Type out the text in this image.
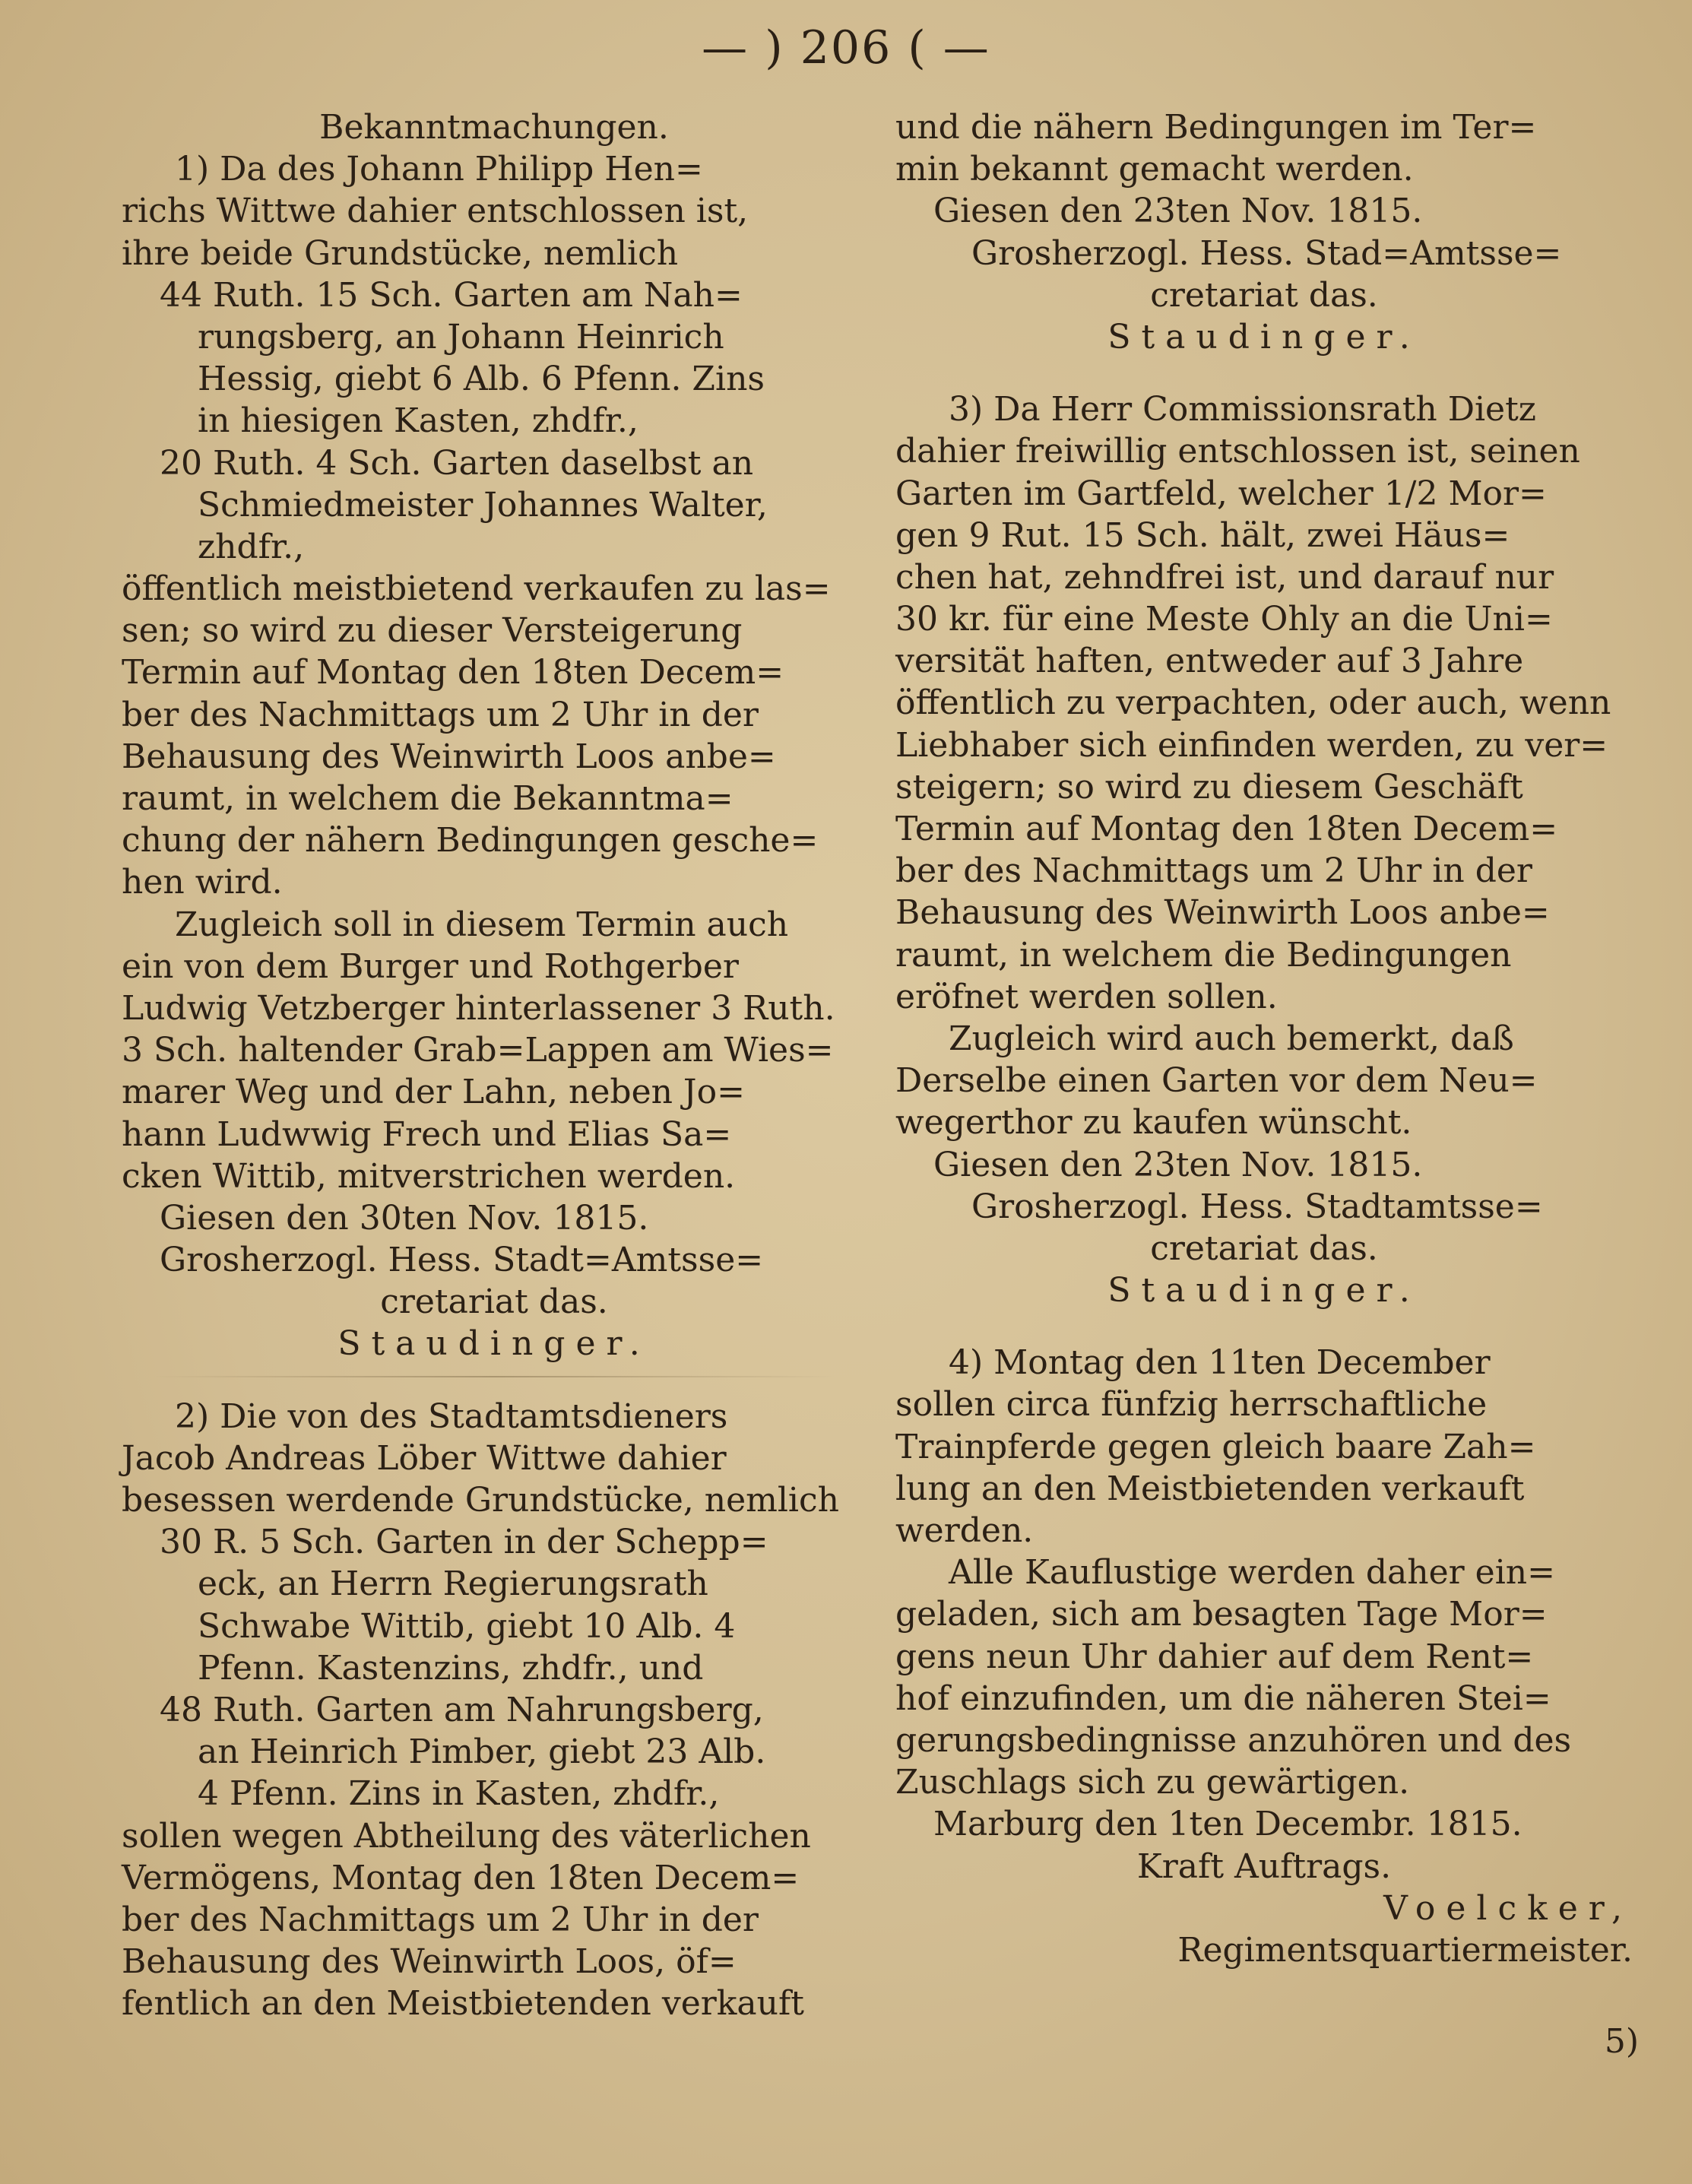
— ) 206 ( —
Bekanntmachungen.
1) Da des Johann Philipp Hen=
richs Wittwe dahier entschlossen ist,
ihre beide Grundstücke, nemlich
44 Ruth. 15 Sch. Garten am Nah=
rungsberg, an Johann Heinrich
Hessig, giebt 6 Alb. 6 Pfenn. Zins
in hiesigen Kasten, zhdfr.,
20 Ruth. 4 Sch. Garten daselbst an
Schmiedmeister Johannes Walter,
zhdfr.,
öffentlich meistbietend verkaufen zu las=
sen; so wird zu dieser Versteigerung
Termin auf Montag den 18ten Decem=
ber des Nachmittags um 2 Uhr in der
Behausung des Weinwirth Loos anbe=
raumt, in welchem die Bekanntma=
chung der nähern Bedingungen gesche=
hen wird.
Zugleich soll in diesem Termin auch
ein von dem Burger und Rothgerber
Ludwig Vetzberger hinterlassener 3 Ruth.
3 Sch. haltender Grab=Lappen am Wies=
marer Weg und der Lahn, neben Jo=
hann Ludwwig Frech und Elias Sa=
cken Wittib, mitverstrichen werden.
Giesen den 30ten Nov. 1815.
Grosherzogl. Hess. Stadt=Amtsse=
cretariat das.
Staudinger.
2) Die von des Stadtamtsdieners
Jacob Andreas Löber Wittwe dahier
besessen werdende Grundstücke, nemlich
30 R. 5 Sch. Garten in der Schepp=
eck, an Herrn Regierungsrath
Schwabe Wittib, giebt 10 Alb. 4
Pfenn. Kastenzins, zhdfr., und
48 Ruth. Garten am Nahrungsberg,
an Heinrich Pimber, giebt 23 Alb.
4 Pfenn. Zins in Kasten, zhdfr.,
sollen wegen Abtheilung des väterlichen
Vermögens, Montag den 18ten Decem=
ber des Nachmittags um 2 Uhr in der
Behausung des Weinwirth Loos, öf=
fentlich an den Meistbietenden verkauft
und die nähern Bedingungen im Ter=
min bekannt gemacht werden.
Giesen den 23ten Nov. 1815.
Grosherzogl. Hess. Stad=Amtsse=
cretariat das.
Staudinger.
3) Da Herr Commissionsrath Dietz
dahier freiwillig entschlossen ist, seinen
Garten im Gartfeld, welcher 1/2 Mor=
gen 9 Rut. 15 Sch. hält, zwei Häus=
chen hat, zehndfrei ist, und darauf nur
30 kr. für eine Meste Ohly an die Uni=
versität haften, entweder auf 3 Jahre
öffentlich zu verpachten, oder auch, wenn
Liebhaber sich einfinden werden, zu ver=
steigern; so wird zu diesem Geschäft
Termin auf Montag den 18ten Decem=
ber des Nachmittags um 2 Uhr in der
Behausung des Weinwirth Loos anbe=
raumt, in welchem die Bedingungen
eröfnet werden sollen.
Zugleich wird auch bemerkt, daß
Derselbe einen Garten vor dem Neu=
wegerthor zu kaufen wünscht.
Giesen den 23ten Nov. 1815.
Grosherzogl. Hess. Stadtamtsse=
cretariat das.
Staudinger.
4) Montag den 11ten December
sollen circa fünfzig herrschaftliche
Trainpferde gegen gleich baare Zah=
lung an den Meistbietenden verkauft
werden.
Alle Kauflustige werden daher ein=
geladen, sich am besagten Tage Mor=
gens neun Uhr dahier auf dem Rent=
hof einzufinden, um die näheren Stei=
gerungsbedingnisse anzuhören und des
Zuschlags sich zu gewärtigen.
Marburg den 1ten Decembr. 1815.
Kraft Auftrags.
Voelcker,
Regimentsquartiermeister.
5)
